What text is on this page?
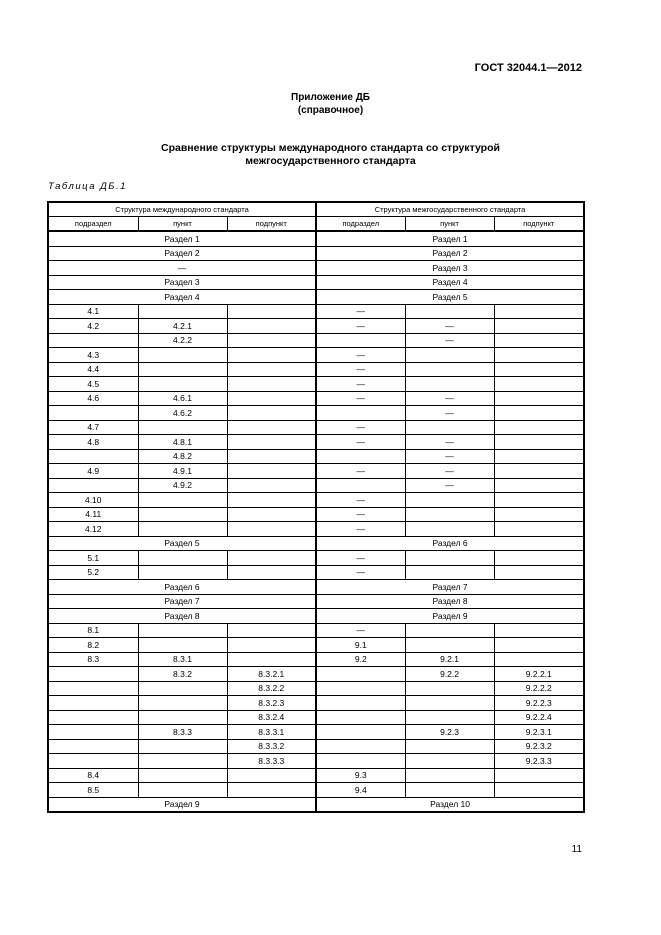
ГОСТ 32044.1—2012
Приложение ДБ
(справочное)
Сравнение структуры международного стандарта со структурой
межгосударственного стандарта
Таблица ДБ.1
Структура международного стандарта			Структура межгосударственного стандарта		
подраздел	пункт	подпункт	подраздел	пункт	подпункт
Раздел 1			Раздел 1		
Раздел 2			Раздел 2		
—			Раздел 3		
Раздел 3			Раздел 4		
Раздел 4			Раздел 5		
4.1			—		
4.2	4.2.1		—	—	
	4.2.2			—	
4.3			—		
4.4			—		
4.5			—		
4.6	4.6.1		—	—	
	4.6.2			—	
4.7			—		
4.8	4.8.1		—	—	
	4.8.2			—	
4.9	4.9.1		—	—	
	4.9.2			—	
4.10			—		
4.11			—		
4.12			—		
Раздел 5			Раздел 6		
5.1			—		
5.2			—		
Раздел 6			Раздел 7		
Раздел 7			Раздел 8		
Раздел 8			Раздел 9		
8.1			—		
8.2			9.1		
8.3	8.3.1		9.2	9.2.1	
	8.3.2	8.3.2.1		9.2.2	9.2.2.1
		8.3.2.2			9.2.2.2
		8.3.2.3			9.2.2.3
		8.3.2.4			9.2.2.4
	8.3.3	8.3.3.1		9.2.3	9.2.3.1
		8.3.3.2			9.2.3.2
		8.3.3.3			9.2.3.3
8.4			9.3		
8.5			9.4		
Раздел 9			Раздел 10		
11
